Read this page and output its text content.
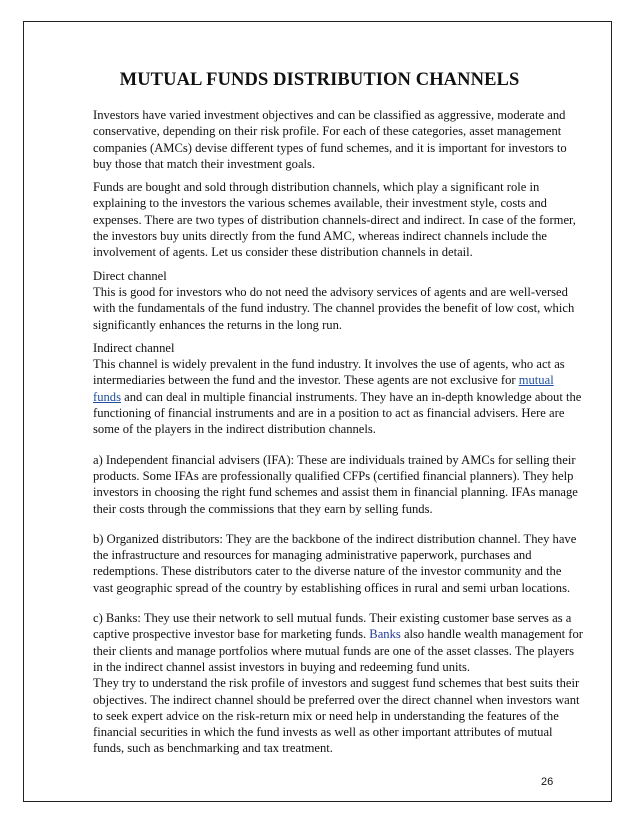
MUTUAL FUNDS DISTRIBUTION CHANNELS

Investors have varied investment objectives and can be classified as aggressive, moderate and conservative, depending on their risk profile. For each of these categories, asset management companies (AMCs) devise different types of fund schemes, and it is important for investors to buy those that match their investment goals.

Funds are bought and sold through distribution channels, which play a significant role in explaining to the investors the various schemes available, their investment style, costs and expenses. There are two types of distribution channels-direct and indirect. In case of the former, the investors buy units directly from the fund AMC, whereas indirect channels include the involvement of agents. Let us consider these distribution channels in detail.

Direct channel
This is good for investors who do not need the advisory services of agents and are well-versed with the fundamentals of the fund industry. The channel provides the benefit of low cost, which significantly enhances the returns in the long run.

Indirect channel
This channel is widely prevalent in the fund industry. It involves the use of agents, who act as intermediaries between the fund and the investor. These agents are not exclusive for mutual funds and can deal in multiple financial instruments. They have an in-depth knowledge about the functioning of financial instruments and are in a position to act as financial advisers. Here are some of the players in the indirect distribution channels.

a) Independent financial advisers (IFA): These are individuals trained by AMCs for selling their products. Some IFAs are professionally qualified CFPs (certified financial planners). They help investors in choosing the right fund schemes and assist them in financial planning. IFAs manage their costs through the commissions that they earn by selling funds.

b) Organized distributors: They are the backbone of the indirect distribution channel. They have the infrastructure and resources for managing administrative paperwork, purchases and redemptions. These distributors cater to the diverse nature of the investor community and the vast geographic spread of the country by establishing offices in rural and semi urban locations.

c) Banks: They use their network to sell mutual funds. Their existing customer base serves as a captive prospective investor base for marketing funds. Banks also handle wealth management for their clients and manage portfolios where mutual funds are one of the asset classes. The players in the indirect channel assist investors in buying and redeeming fund units.

They try to understand the risk profile of investors and suggest fund schemes that best suits their objectives. The indirect channel should be preferred over the direct channel when investors want to seek expert advice on the risk-return mix or need help in understanding the features of the financial securities in which the fund invests as well as other important attributes of mutual funds, such as benchmarking and tax treatment.

26
